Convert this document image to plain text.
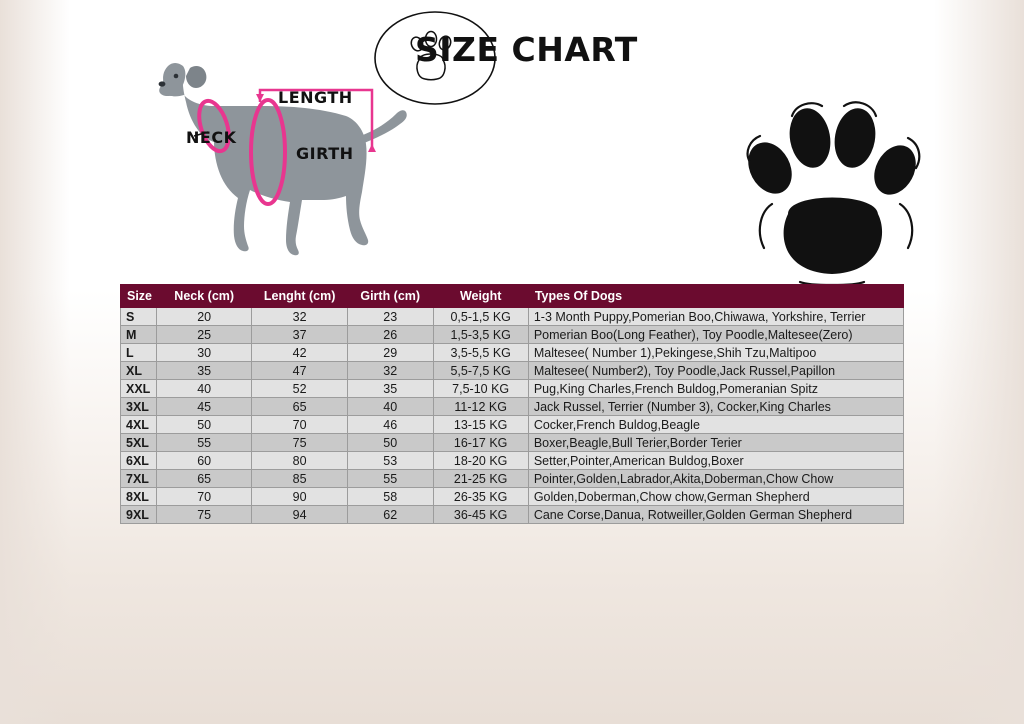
SIZE CHART
LENGTH
NECK
GIRTH
Size	Neck (cm)	Lenght (cm)	Girth (cm)	Weight	Types Of Dogs
S	20	32	23	0,5-1,5 KG	1-3 Month Puppy,Pomerian Boo,Chiwawa, Yorkshire, Terrier
M	25	37	26	1,5-3,5 KG	Pomerian Boo(Long Feather), Toy Poodle,Maltesee(Zero)
L	30	42	29	3,5-5,5 KG	Maltesee( Number 1),Pekingese,Shih Tzu,Maltipoo
XL	35	47	32	5,5-7,5 KG	Maltesee( Number2), Toy Poodle,Jack Russel,Papillon
XXL	40	52	35	7,5-10 KG	Pug,King Charles,French Buldog,Pomeranian Spitz
3XL	45	65	40	11-12 KG	Jack Russel, Terrier (Number 3), Cocker,King Charles
4XL	50	70	46	13-15 KG	Cocker,French Buldog,Beagle
5XL	55	75	50	16-17 KG	Boxer,Beagle,Bull Terier,Border Terier
6XL	60	80	53	18-20 KG	Setter,Pointer,American Buldog,Boxer
7XL	65	85	55	21-25 KG	Pointer,Golden,Labrador,Akita,Doberman,Chow Chow
8XL	70	90	58	26-35 KG	Golden,Doberman,Chow chow,German Shepherd
9XL	75	94	62	36-45 KG	Cane Corse,Danua, Rotweiller,Golden German Shepherd
